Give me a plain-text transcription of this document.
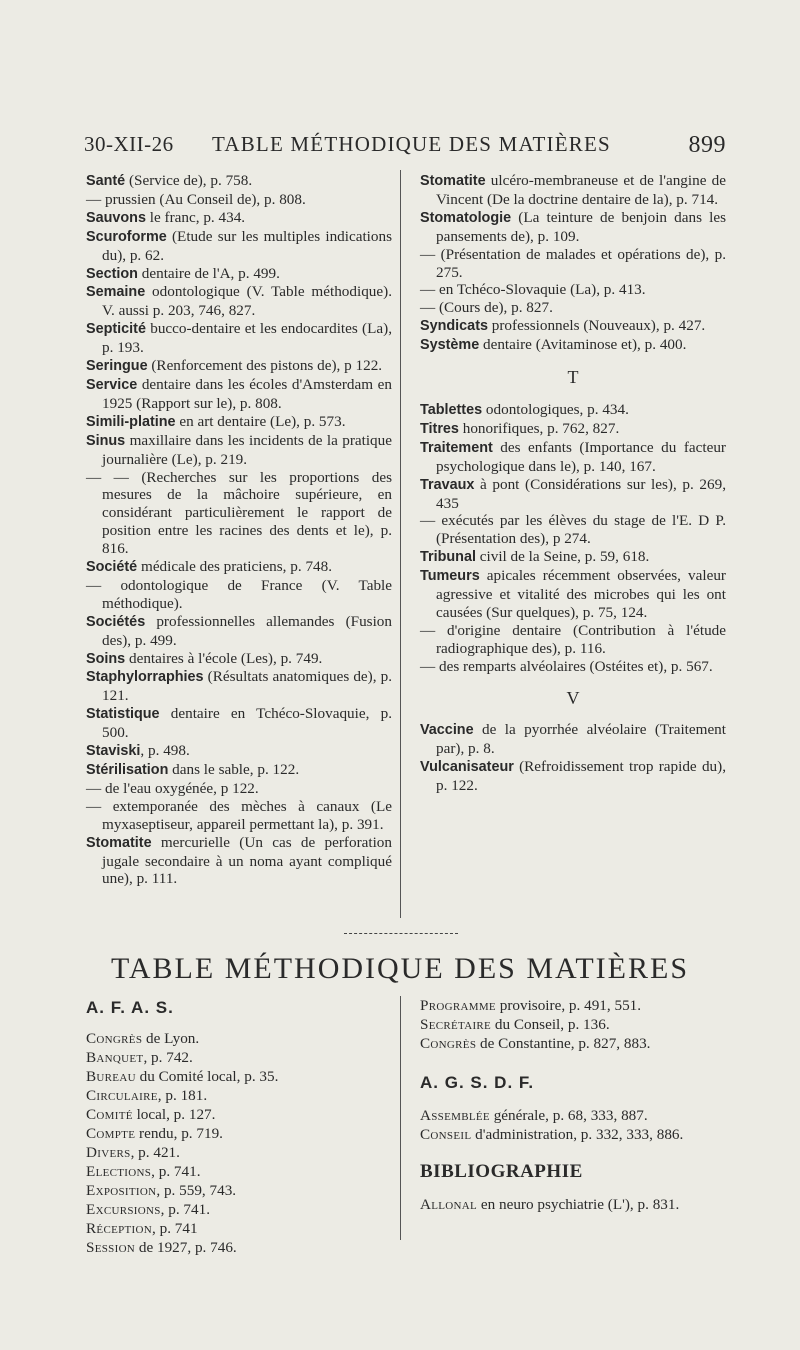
30-XII-26 TABLE MÉTHODIQUE DES MATIÈRES	899

Santé (Service de), p. 758.

— prussien (Au Conseil de), p. 808.

Sauvons le franc, p. 434.

Scuroforme (Etude sur les multiples indications du), p. 62.

Section dentaire de l'A, p. 499.

Semaine odontologique (V. Table méthodique). V. aussi p. 203, 746, 827.

Septicité bucco-dentaire et les endocardites (La), p. 193.

Seringue (Renforcement des pistons de), p 122.

Service dentaire dans les écoles d'Amsterdam en 1925 (Rapport sur le), p. 808.

Simili-platine en art dentaire (Le), p. 573.

Sinus maxillaire dans les incidents de la pratique journalière (Le), p. 219.

— — (Recherches sur les proportions des mesures de la mâchoire supérieure, en considérant particulièrement le rapport de position entre les racines des dents et le), p. 816.

Société médicale des praticiens, p. 748.

— odontologique de France (V. Table méthodique).

Sociétés professionnelles allemandes (Fusion des), p. 499.

Soins dentaires à l'école (Les), p. 749.

Staphylorraphies (Résultats anatomiques de), p. 121.

Statistique dentaire en Tchéco-Slovaquie, p. 500.

Staviski, p. 498.

Stérilisation dans le sable, p. 122.

— de l'eau oxygénée, p 122.

— extemporanée des mèches à canaux (Le myxaseptiseur, appareil permettant la), p. 391.

Stomatite mercurielle (Un cas de perforation jugale secondaire à un noma ayant compliqué une), p. 111.

Stomatite ulcéro-membraneuse et de l'angine de Vincent (De la doctrine dentaire de la), p. 714.

Stomatologie (La teinture de benjoin dans les pansements de), p. 109.

— (Présentation de malades et opérations de), p. 275.

— en Tchéco-Slovaquie (La), p. 413.

— (Cours de), p. 827.

Syndicats professionnels (Nouveaux), p. 427.

Système dentaire (Avitaminose et), p. 400.

T

Tablettes odontologiques, p. 434.

Titres honorifiques, p. 762, 827.

Traitement des enfants (Importance du facteur psychologique dans le), p. 140, 167.

Travaux à pont (Considérations sur les), p. 269, 435

— exécutés par les élèves du stage de l'E. D P. (Présentation des), p 274.

Tribunal civil de la Seine, p. 59, 618.

Tumeurs apicales récemment observées, valeur agressive et vitalité des microbes qui les ont causées (Sur quelques), p. 75, 124.

— d'origine dentaire (Contribution à l'étude radiographique des), p. 116.

— des remparts alvéolaires (Ostéites et), p. 567.

V

Vaccine de la pyorrhée alvéolaire (Traitement par), p. 8.

Vulcanisateur (Refroidissement trop rapide du), p. 122.

TABLE MÉTHODIQUE DES MATIÈRES
A. F. A. S.

Congrès de Lyon.

Banquet, p. 742.

Bureau du Comité local, p. 35.

Circulaire, p. 181.

Comité local, p. 127.

Compte rendu, p. 719.

Divers, p. 421.

Elections, p. 741.

Exposition, p. 559, 743.

Excursions, p. 741.

Réception, p. 741

Session de 1927, p. 746.

Programme provisoire, p. 491, 551.

Secrétaire du Conseil, p. 136.

Congrès de Constantine, p. 827, 883.

A. G. S. D. F.

Assemblée générale, p. 68, 333, 887.

Conseil d'administration, p. 332, 333, 886.

BIBLIOGRAPHIE

Allonal en neuro psychiatrie (L'), p. 831.
